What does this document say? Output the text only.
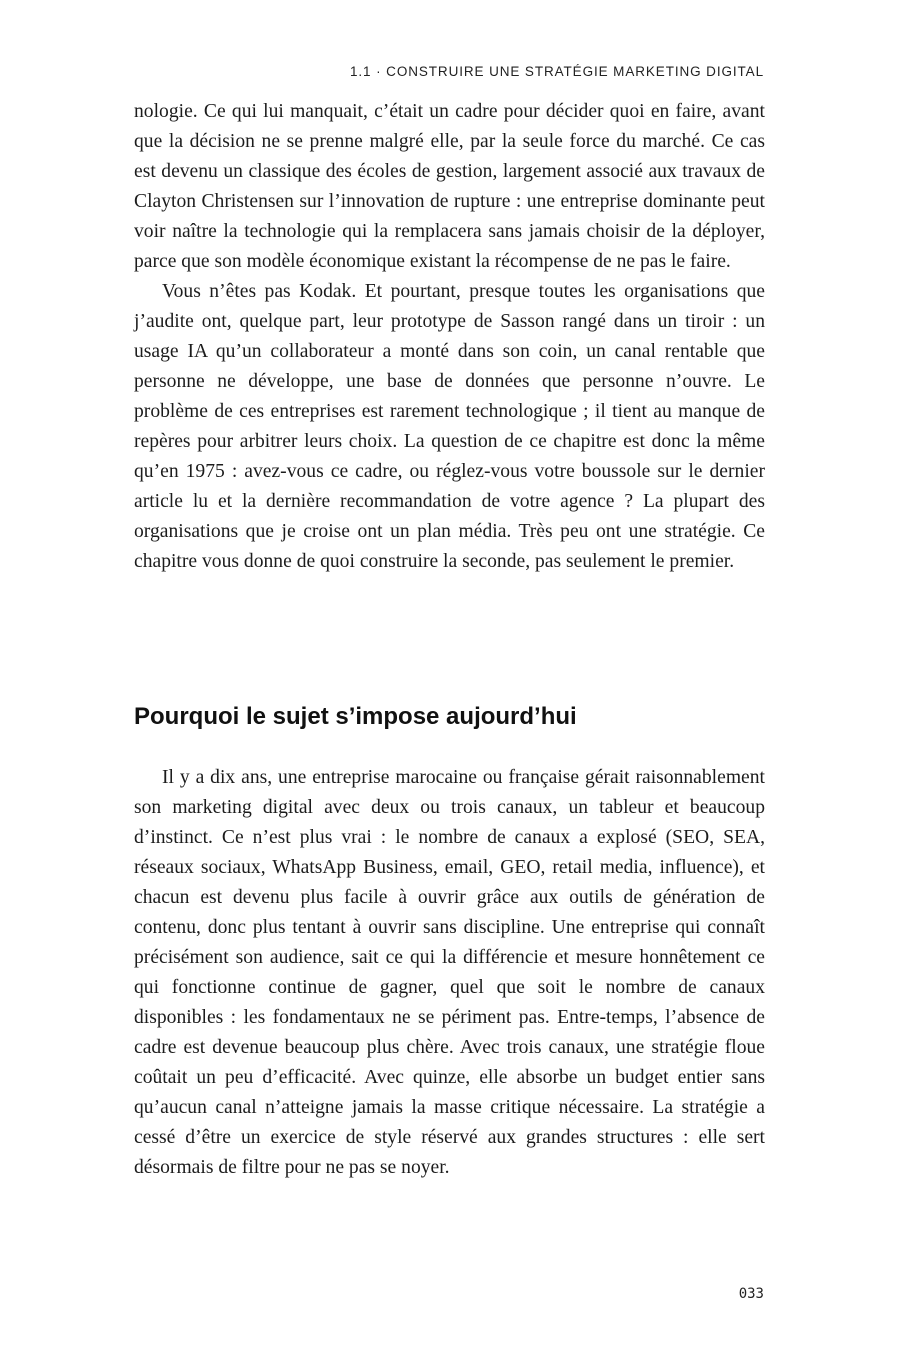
1.1 · CONSTRUIRE UNE STRATÉGIE MARKETING DIGITAL

nologie. Ce qui lui manquait, c’était un cadre pour décider quoi en faire, avant que la décision ne se prenne malgré elle, par la seule force du marché. Ce cas est devenu un classique des écoles de gestion, largement associé aux travaux de Clayton Christensen sur l’innovation de rupture : une entreprise dominante peut voir naître la technologie qui la remplacera sans jamais choisir de la déployer, parce que son modèle économique existant la récompense de ne pas le faire.

Vous n’êtes pas Kodak. Et pourtant, presque toutes les organisations que j’audite ont, quelque part, leur prototype de Sasson rangé dans un tiroir : un usage IA qu’un collaborateur a monté dans son coin, un canal rentable que personne ne développe, une base de données que personne n’ouvre. Le problème de ces entreprises est rarement technologique ; il tient au manque de repères pour arbitrer leurs choix. La question de ce chapitre est donc la même qu’en 1975 : avez-vous ce cadre, ou réglez-vous votre boussole sur le dernier article lu et la dernière recommandation de votre agence ? La plupart des organisations que je croise ont un plan média. Très peu ont une stratégie. Ce chapitre vous donne de quoi construire la seconde, pas seulement le premier.

Pourquoi le sujet s’impose aujourd’hui

Il y a dix ans, une entreprise marocaine ou française gérait raisonnablement son marketing digital avec deux ou trois canaux, un tableur et beaucoup d’instinct. Ce n’est plus vrai : le nombre de canaux a explosé (SEO, SEA, réseaux sociaux, WhatsApp Business, email, GEO, retail media, influence), et chacun est devenu plus facile à ouvrir grâce aux outils de génération de contenu, donc plus tentant à ouvrir sans discipline. Une entreprise qui connaît précisément son audience, sait ce qui la différencie et mesure honnêtement ce qui fonctionne continue de gagner, quel que soit le nombre de canaux disponibles : les fondamentaux ne se périment pas. Entre-temps, l’absence de cadre est devenue beaucoup plus chère. Avec trois canaux, une stratégie floue coûtait un peu d’efficacité. Avec quinze, elle absorbe un budget entier sans qu’aucun canal n’atteigne jamais la masse critique nécessaire. La stratégie a cessé d’être un exercice de style réservé aux grandes structures : elle sert désormais de filtre pour ne pas se noyer.

033
